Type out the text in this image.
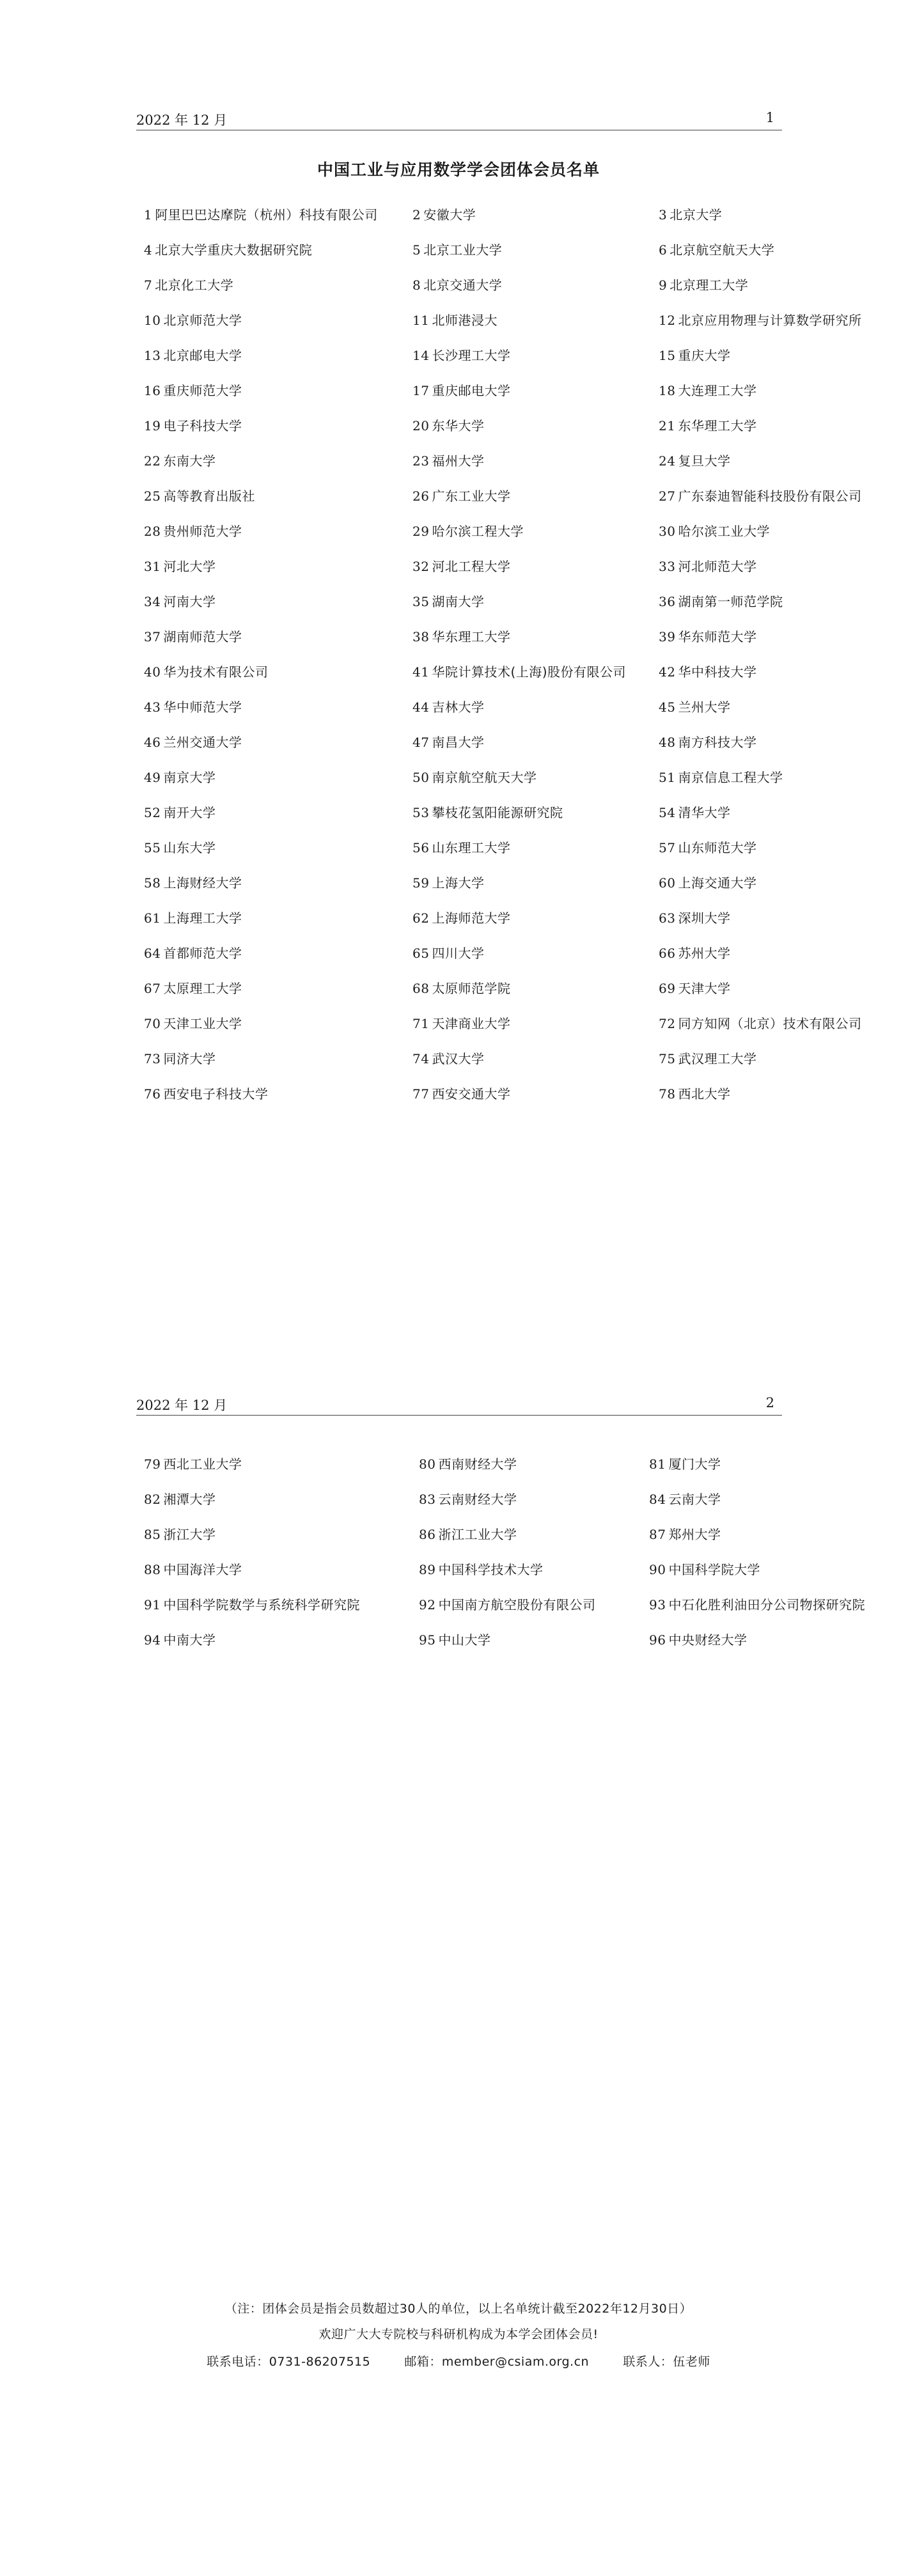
2022 年 12 月	1
中国工业与应用数学学会团体会员名单
1 阿里巴巴达摩院（杭州）科技有限公司	2 安徽大学	3 北京大学
4 北京大学重庆大数据研究院	5 北京工业大学	6 北京航空航天大学
7 北京化工大学	8 北京交通大学	9 北京理工大学
10 北京师范大学	11 北师港浸大	12 北京应用物理与计算数学研究所
13 北京邮电大学	14 长沙理工大学	15 重庆大学
16 重庆师范大学	17 重庆邮电大学	18 大连理工大学
19 电子科技大学	20 东华大学	21 东华理工大学
22 东南大学	23 福州大学	24 复旦大学
25 高等教育出版社	26 广东工业大学	27 广东泰迪智能科技股份有限公司
28 贵州师范大学	29 哈尔滨工程大学	30 哈尔滨工业大学
31 河北大学	32 河北工程大学	33 河北师范大学
34 河南大学	35 湖南大学	36 湖南第一师范学院
37 湖南师范大学	38 华东理工大学	39 华东师范大学
40 华为技术有限公司	41 华院计算技术(上海)股份有限公司	42 华中科技大学
43 华中师范大学	44 吉林大学	45 兰州大学
46 兰州交通大学	47 南昌大学	48 南方科技大学
49 南京大学	50 南京航空航天大学	51 南京信息工程大学
52 南开大学	53 攀枝花氢阳能源研究院	54 清华大学
55 山东大学	56 山东理工大学	57 山东师范大学
58 上海财经大学	59 上海大学	60 上海交通大学
61 上海理工大学	62 上海师范大学	63 深圳大学
64 首都师范大学	65 四川大学	66 苏州大学
67 太原理工大学	68 太原师范学院	69 天津大学
70 天津工业大学	71 天津商业大学	72 同方知网（北京）技术有限公司
73 同济大学	74 武汉大学	75 武汉理工大学
76 西安电子科技大学	77 西安交通大学	78 西北大学
2022 年 12 月	2
79 西北工业大学	80 西南财经大学	81 厦门大学
82 湘潭大学	83 云南财经大学	84 云南大学
85 浙江大学	86 浙江工业大学	87 郑州大学
88 中国海洋大学	89 中国科学技术大学	90 中国科学院大学
91 中国科学院数学与系统科学研究院	92 中国南方航空股份有限公司	93 中石化胜利油田分公司物探研究院
94 中南大学	95 中山大学	96 中央财经大学
（注：团体会员是指会员数超过30人的单位，以上名单统计截至2022年12月30日）
欢迎广大大专院校与科研机构成为本学会团体会员!
联系电话：0731-86207515	邮箱：member@csiam.org.cn	联系人：伍老师
